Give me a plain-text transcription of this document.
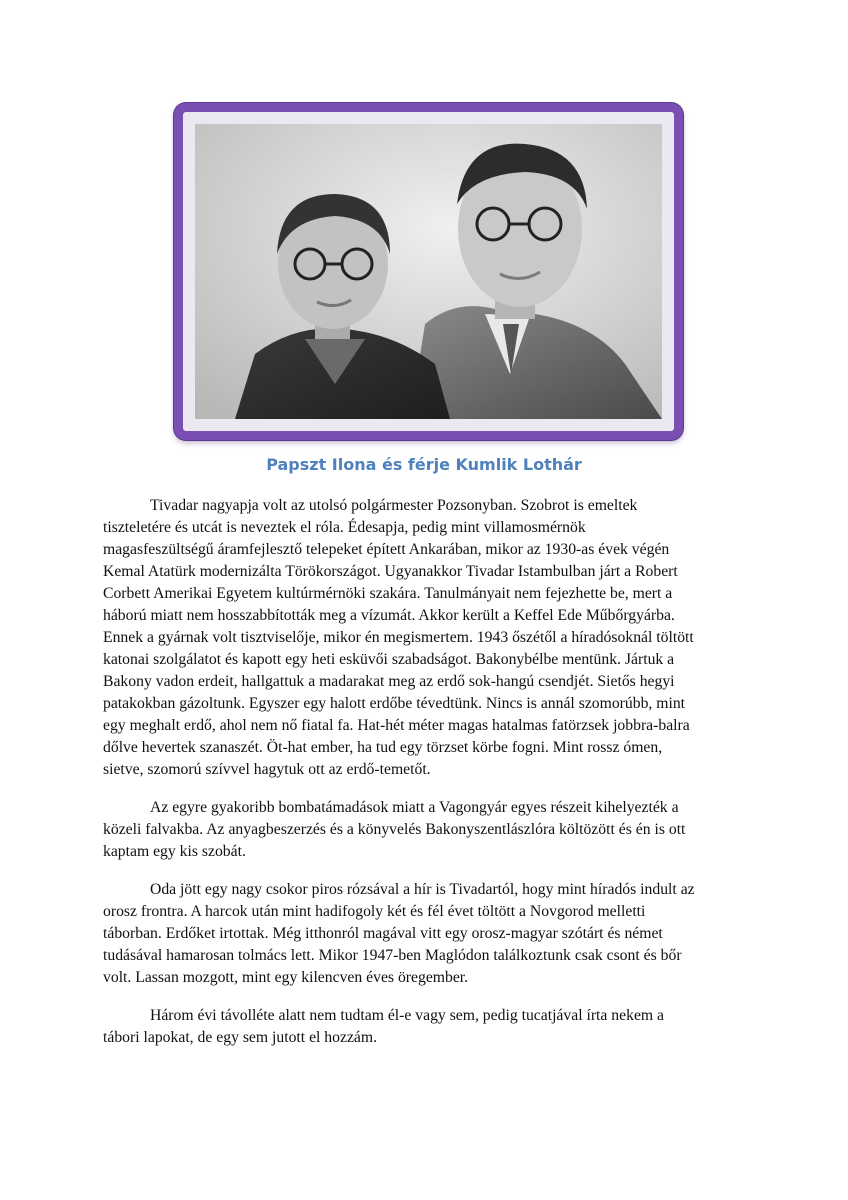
Papszt Ilona és férje Kumlik Lothár

Tivadar nagyapja volt az utolsó polgármester Pozsonyban. Szobrot is emeltek
tiszteletére és utcát is neveztek el róla. Édesapja, pedig mint villamosmérnök
magasfeszültségű áramfejlesztő telepeket épített Ankarában, mikor az 1930-as évek végén
Kemal Atatürk modernizálta Törökországot. Ugyanakkor Tivadar Istambulban járt a Robert
Corbett Amerikai Egyetem kultúrmérnöki szakára. Tanulmányait nem fejezhette be, mert a
háború miatt nem hosszabbították meg a vízumát. Akkor került a Keffel Ede Műbőrgyárba.
Ennek a gyárnak volt tisztviselője, mikor én megismertem. 1943 őszétől a híradósoknál töltött
katonai szolgálatot és kapott egy heti esküvői szabadságot. Bakonybélbe mentünk. Jártuk a
Bakony vadon erdeit, hallgattuk a madarakat meg az erdő sok-hangú csendjét. Sietős hegyi
patakokban gázoltunk. Egyszer egy halott erdőbe tévedtünk. Nincs is annál szomorúbb, mint
egy meghalt erdő, ahol nem nő fiatal fa. Hat-hét méter magas hatalmas fatörzsek jobbra-balra
dőlve hevertek szanaszét. Öt-hat ember, ha tud egy törzset körbe fogni. Mint rossz ómen,
sietve, szomorú szívvel hagytuk ott az erdő-temetőt.

Az egyre gyakoribb bombatámadások miatt a Vagongyár egyes részeit kihelyezték a
közeli falvakba. Az anyagbeszerzés és a könyvelés Bakonyszentlászlóra költözött és én is ott
kaptam egy kis szobát.

Oda jött egy nagy csokor piros rózsával a hír is Tivadartól, hogy mint híradós indult az
orosz frontra. A harcok után mint hadifogoly két és fél évet töltött a Novgorod melletti
táborban. Erdőket irtottak. Még itthonról magával vitt egy orosz-magyar szótárt és német
tudásával hamarosan tolmács lett. Mikor 1947-ben Maglódon találkoztunk csak csont és bőr
volt. Lassan mozgott, mint egy kilencven éves öregember.

Három évi távolléte alatt nem tudtam él-e vagy sem, pedig tucatjával írta nekem a
tábori lapokat, de egy sem jutott el hozzám.
